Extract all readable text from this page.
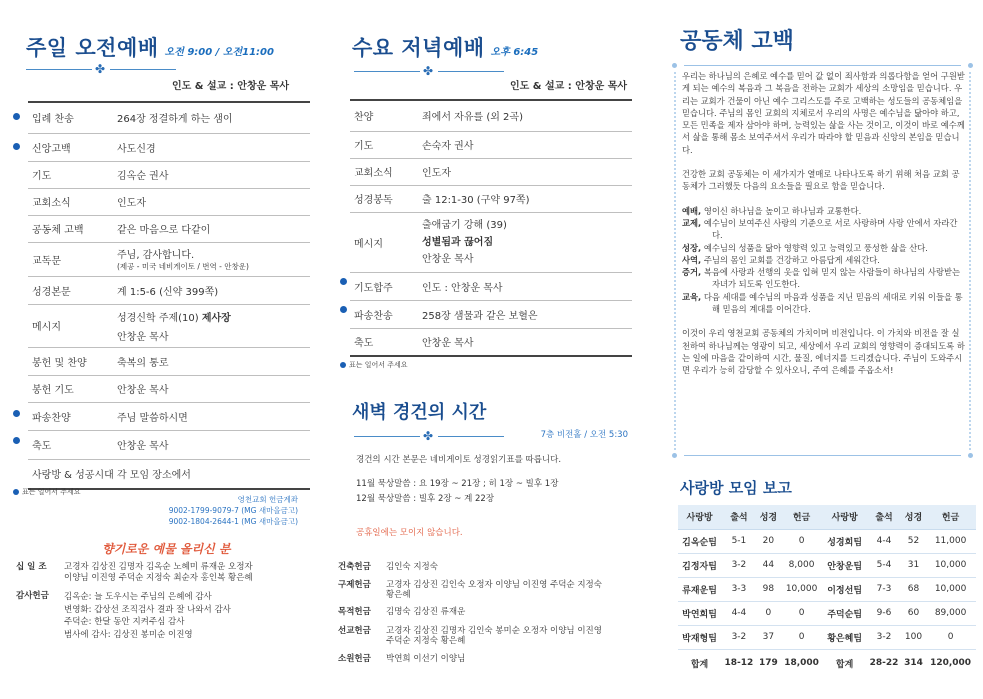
주일 오전예배 오전 9:00 / 오전11:00
✤
인도 & 설교 : 안창운 목사
입례 찬송	264장 정결하게 하는 샘이
신앙고백	사도신경
기도	김옥순 권사
교회소식	인도자
공동체 고백	같은 마음으로 다같이
교독문	주님, 감사합니다.
(제공 - 미국 네비게이토 / 번역 - 안창운)

성경본문	계 1:5-6 (신약 399쪽)
메시지	성경신학 주제(10) 제사장
안창운 목사

봉헌 및 찬양	축복의 통로
봉헌 기도	안창운 목사
파송찬양	주님 말씀하시면
축도	안창운 목사
사랑방 & 성공시대 각 모임 장소에서	
표는 일어서 주세요
영천교회 헌금계좌
9002-1799-9079-7 (MG 새마을금고)
9002-1804-2644-1 (MG 새마을금고)
향기로운 예물 올리신 분
십 일 조 고경자 김상진 김명자 김옥순 노혜미 류재운 오정자
이양님 이진영 주덕순 지정숙 최순자 홍인복 황은혜
감사헌금 김옥순: 늘 도우시는 주님의 은혜에 감사
변영화: 갑상선 조직검사 결과 잘 나와서 감사
주덕순: 한달 동안 지켜주심 감사
범사에 감사: 김상진 봉미순 이진영
수요 저녁예배 오후 6:45
✤
인도 & 설교 : 안창운 목사
찬양	죄에서 자유를 (외 2곡)
기도	손숙자 권사
교회소식	인도자
성경봉독	출 12:1-30 (구약 97쪽)
메시지	출애굽기 강해 (39)
성별됨과 끊어짐
안창운 목사

기도합주	인도 : 안창운 목사
파송찬송	258장 샘물과 같은 보혈은
축도	안창운 목사
표는 일어서 주세요
새벽 경건의 시간
✤	7층 비전홀 / 오전 5:30
경건의 시간 본문은 네비게이토 성경읽기표를 따릅니다.
11월 묵상말씀 : 요 19장 ~ 21장 ; 히 1장 ~ 빌후 1장
12월 묵상말씀 : 빌후 2장 ~ 계 22장
공휴일에는 모이지 않습니다.
건축헌금 김인숙 지정숙
구제헌금 고경자 김상진 김인숙 오정자 이양님 이진영 주덕순 지정숙
황은혜
목적헌금 김명숙 김상진 류재운
선교헌금 고경자 김상진 김명자 김인숙 봉미순 오정자 이양님 이진영
주덕순 지정숙 황은혜
소원헌금 박연희 이선기 이양님
공동체 고백

우리는 하나님의 은혜로 예수를 믿어 값 없이 죄사함과 의롭다함을 얻어 구원받게 되는 예수의 복음과 그 복음을 전하는 교회가 세상의 소망임을 믿습니다. 우리는 교회가 건물이 아닌 예수 그리스도를 주로 고백하는 성도들의 공동체임을 믿습니다. 주님의 몸인 교회의 지체로서 우리의 사명은 예수님을 닮아야 하고, 모든 민족을 제자 삼아야 하며, 능력있는 삶을 사는 것이고, 이것이 바로 예수께서 삶을 통해 몸소 보여주셔서 우리가 따라야 할 믿음과 신앙의 본임을 믿습니다.

건강한 교회 공동체는 이 세가지가 열매로 나타나도록 하기 위해 처음 교회 공동체가 그러했듯 다음의 요소들을 필요로 함을 믿습니다.

예배, 영이신 하나님을 높이고 하나님과 교통한다.
교제, 예수님이 보여주신 사랑의 기준으로 서로 사랑하며 사랑 안에서 자라간다.
성장, 예수님의 성품을 닮아 영향력 있고 능력있고 풍성한 삶을 산다.
사역, 주님의 몸인 교회를 건강하고 아름답게 세워간다.
증거, 복음에 사랑과 선행의 옷을 입혀 믿지 않는 사람들이 하나님의 사랑받는 자녀가 되도록 인도한다.
교육, 다음 세대를 예수님의 마음과 성품을 지닌 믿음의 세대로 키워 이들을 통해 믿음의 계대를 이어간다.

이것이 우리 영천교회 공동체의 가치이며 비전입니다. 이 가치와 비전을 잘 실천하여 하나님께는 영광이 되고, 세상에서 우리 교회의 영향력이 증대되도록 하는 일에 마음을 같이하여 시간, 물질, 에너지를 드리겠습니다. 주님이 도와주시면 우리가 능히 감당할 수 있사오니, 주여 은혜를 주옵소서!

사랑방 모임 보고
사랑방	출석	성경	헌금	사랑방	출석	성경	헌금
김옥순팀	5-1	20	0	성경희팀	4-4	52	11,000
김정자팀	3-2	44	8,000	안창운팀	5-4	31	10,000
류재운팀	3-3	98	10,000	이정선팀	7-3	68	10,000
박연희팀	4-4	0	0	주덕순팀	9-6	60	89,000
박재형팀	3-2	37	0	황은혜팀	3-2	100	0
합계	18-12	179	18,000	합계	28-22	314	120,000
